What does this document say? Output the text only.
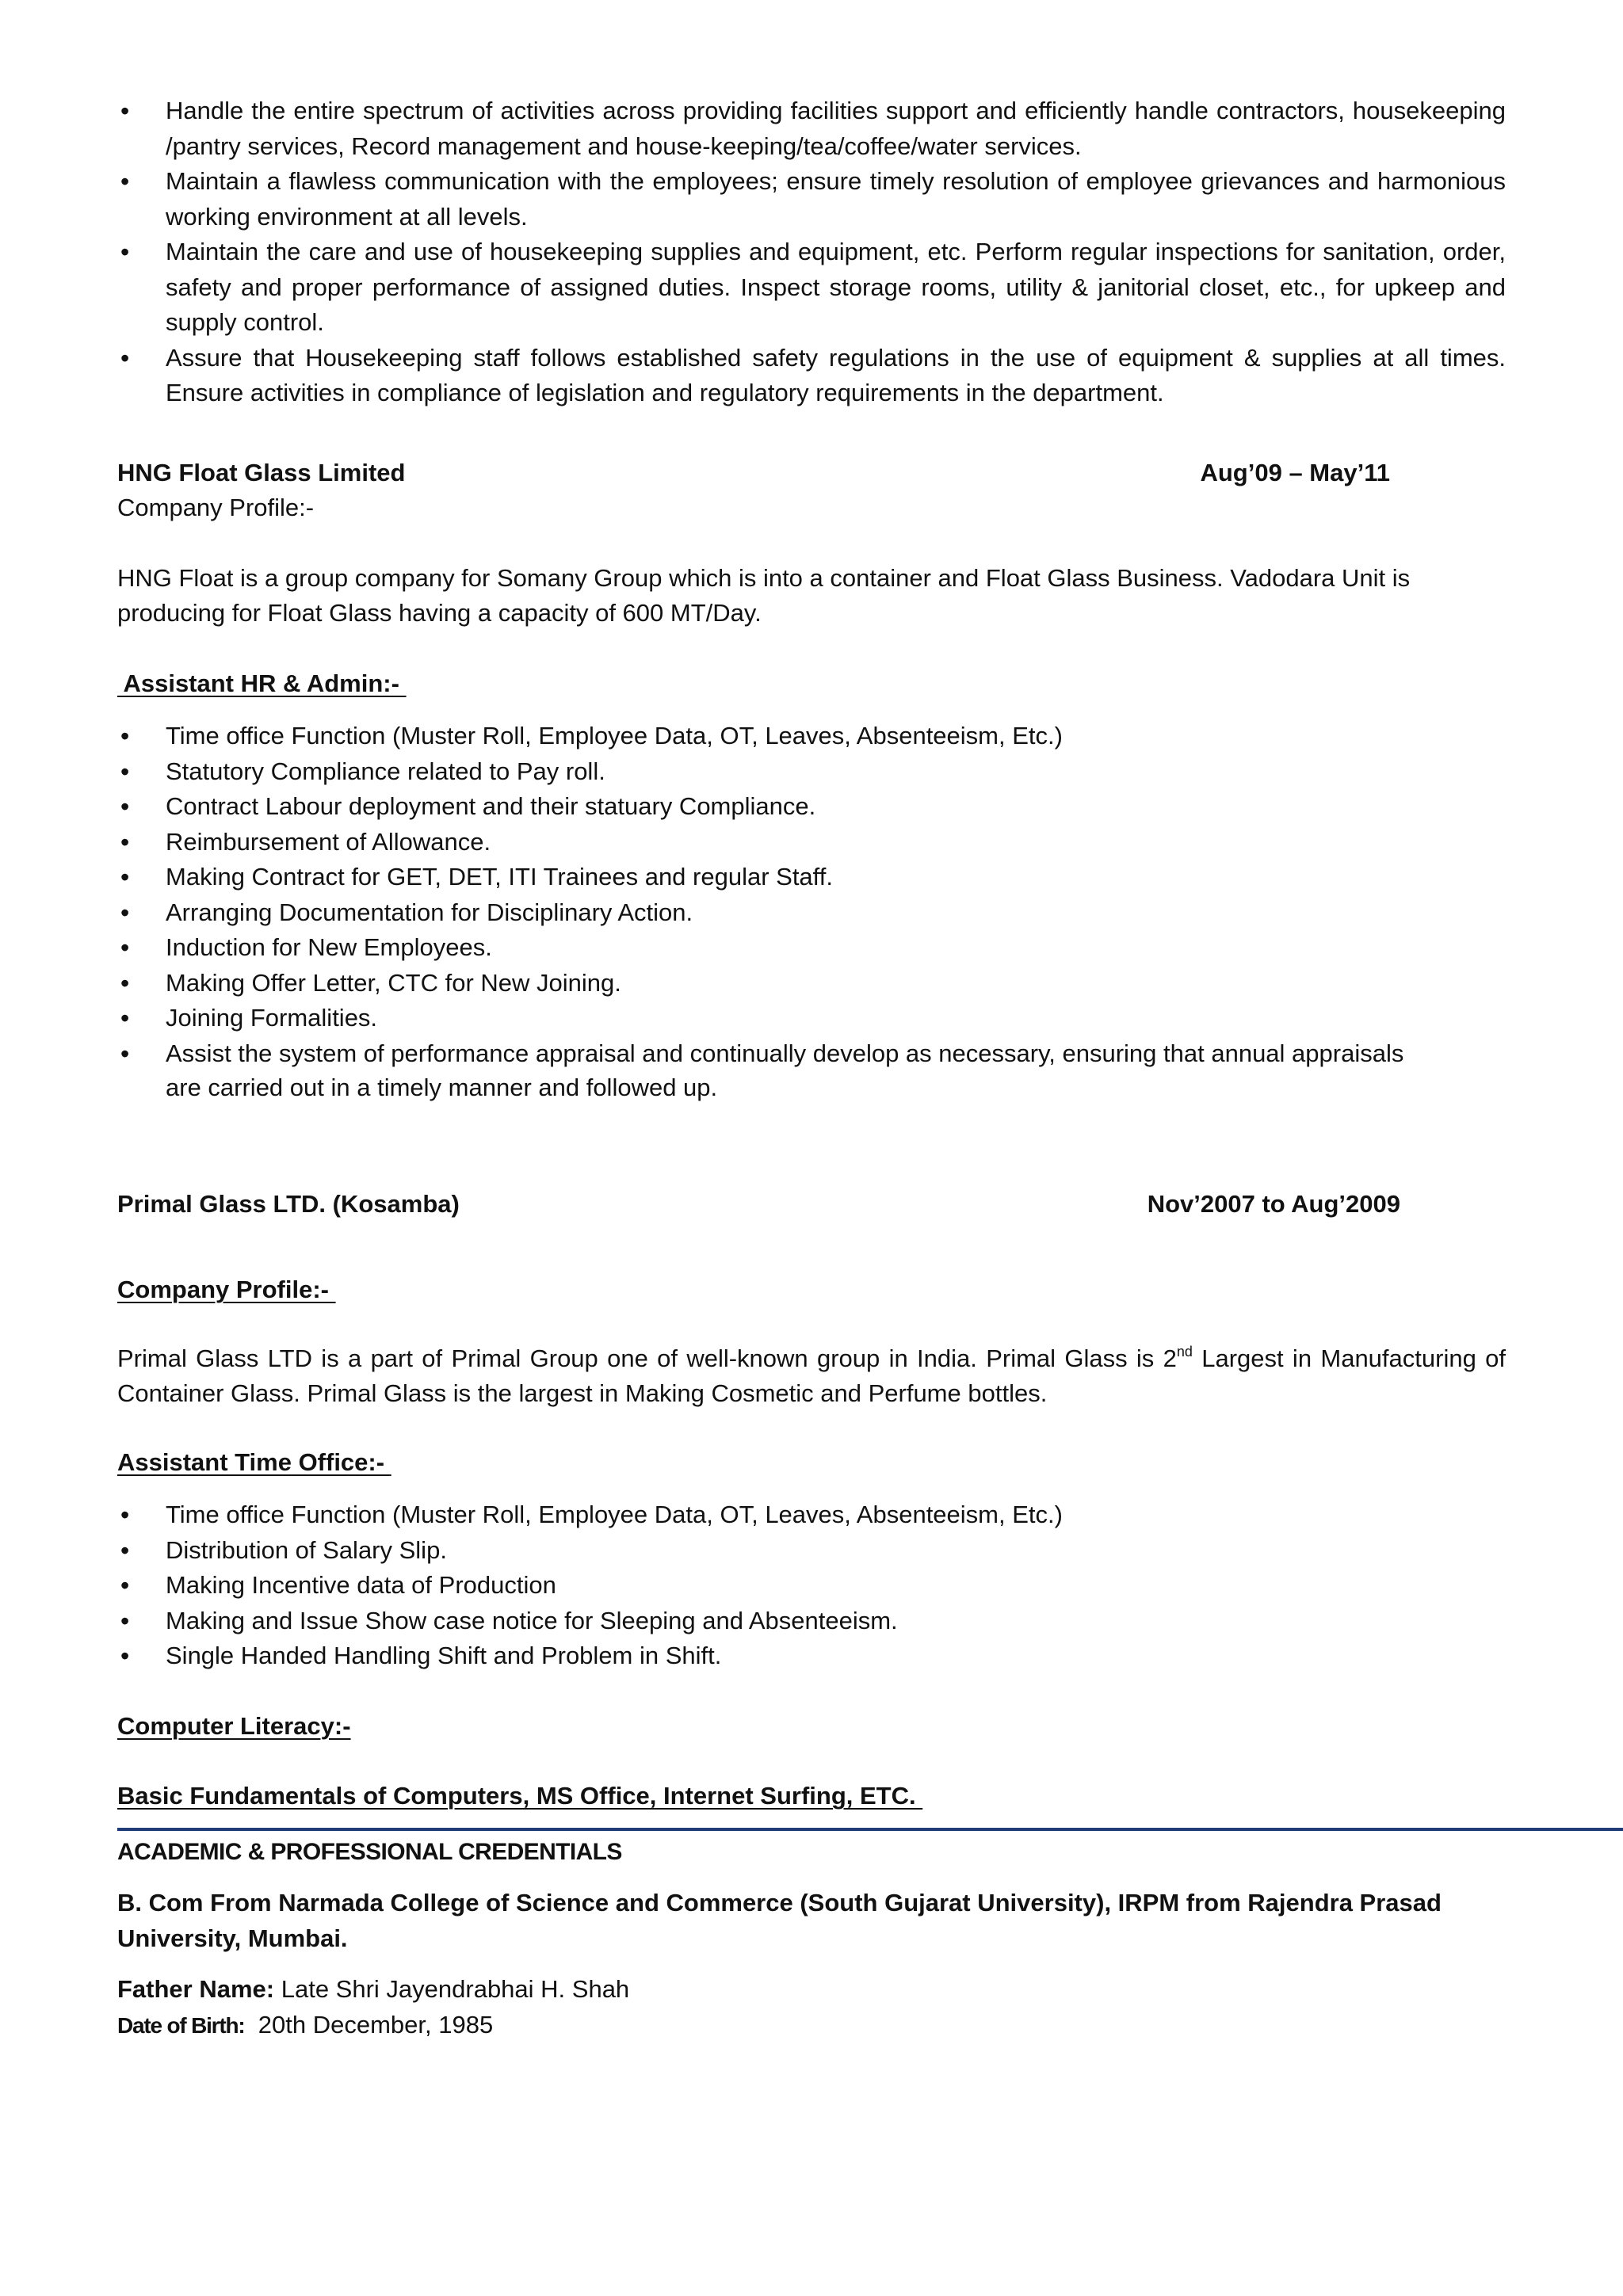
• Handle the entire spectrum of activities across providing facilities support and efficiently handle contractors, housekeeping /pantry services, Record management and house-keeping/tea/coffee/water services.
• Maintain a flawless communication with the employees; ensure timely resolution of employee grievances and harmonious working environment at all levels.
• Maintain the care and use of housekeeping supplies and equipment, etc. Perform regular inspections for sanitation, order, safety and proper performance of assigned duties. Inspect storage rooms, utility & janitorial closet, etc., for upkeep and supply control.
• Assure that Housekeeping staff follows established safety regulations in the use of equipment & supplies at all times. Ensure activities in compliance of legislation and regulatory requirements in the department.
HNG Float Glass Limited	Aug’09 – May’11

Company Profile:-

HNG Float is a group company for Somany Group which is into a container and Float Glass Business. Vadodara Unit is producing for Float Glass having a capacity of 600 MT/Day.

Assistant HR & Admin:-

• Time office Function (Muster Roll, Employee Data, OT, Leaves, Absenteeism, Etc.)
• Statutory Compliance related to Pay roll.
• Contract Labour deployment and their statuary Compliance.
• Reimbursement of Allowance.
• Making Contract for GET, DET, ITI Trainees and regular Staff.
• Arranging Documentation for Disciplinary Action.
• Induction for New Employees.
• Making Offer Letter, CTC for New Joining.
• Joining Formalities.
• Assist the system of performance appraisal and continually develop as necessary, ensuring that annual appraisals are carried out in a timely manner and followed up.
Primal Glass LTD. (Kosamba)	Nov’2007 to Aug’2009

Company Profile:-

Primal Glass LTD is a part of Primal Group one of well-known group in India. Primal Glass is 2nd Largest in Manufacturing of Container Glass. Primal Glass is the largest in Making Cosmetic and Perfume bottles.

Assistant Time Office:-

• Time office Function (Muster Roll, Employee Data, OT, Leaves, Absenteeism, Etc.)
• Distribution of Salary Slip.
• Making Incentive data of Production
• Making and Issue Show case notice for Sleeping and Absenteeism.
• Single Handed Handling Shift and Problem in Shift.

Computer Literacy:-

Basic Fundamentals of Computers, MS Office, Internet Surfing, ETC.

ACADEMIC & PROFESSIONAL CREDENTIALS

B. Com From Narmada College of Science and Commerce (South Gujarat University), IRPM from Rajendra Prasad University, Mumbai.

Father Name: Late Shri Jayendrabhai H. Shah

Date of Birth:  20th December, 1985
